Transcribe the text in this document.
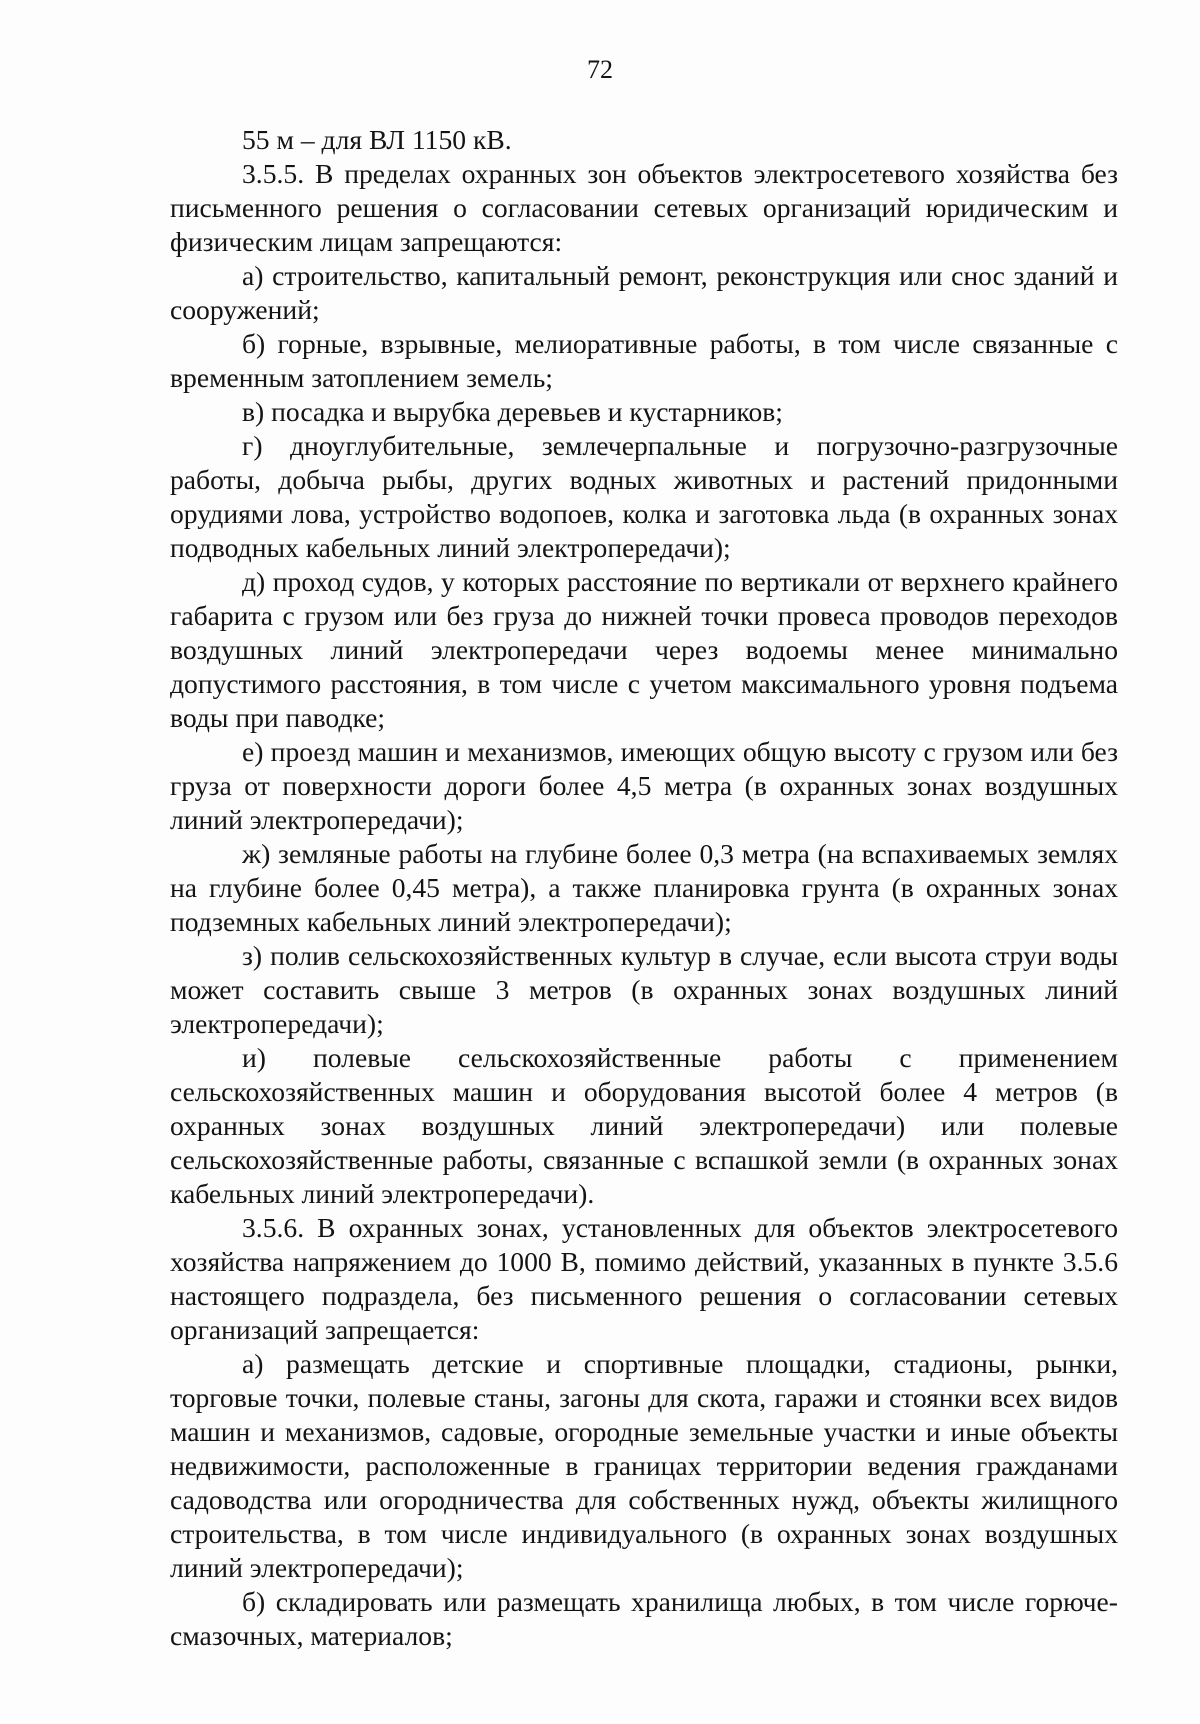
72

55 м – для ВЛ 1150 кВ.

3.5.5. В пределах охранных зон объектов электросетевого хозяйства без письменного решения о согласовании сетевых организаций юридическим и физическим лицам запрещаются:

а) строительство, капитальный ремонт, реконструкция или снос зданий и сооружений;

б) горные, взрывные, мелиоративные работы, в том числе связанные с временным затоплением земель;

в) посадка и вырубка деревьев и кустарников;

г) дноуглубительные, землечерпальные и погрузочно-разгрузочные работы, добыча рыбы, других водных животных и растений придонными орудиями лова, устройство водопоев, колка и заготовка льда (в охранных зонах подводных кабельных линий электропередачи);

д) проход судов, у которых расстояние по вертикали от верхнего крайнего габарита с грузом или без груза до нижней точки провеса проводов переходов воздушных линий электропередачи через водоемы менее минимально допустимого расстояния, в том числе с учетом максимального уровня подъема воды при паводке;

е) проезд машин и механизмов, имеющих общую высоту с грузом или без груза от поверхности дороги более 4,5 метра (в охранных зонах воздушных линий электропередачи);

ж) земляные работы на глубине более 0,3 метра (на вспахиваемых землях на глубине более 0,45 метра), а также планировка грунта (в охранных зонах подземных кабельных линий электропередачи);

з) полив сельскохозяйственных культур в случае, если высота струи воды может составить свыше 3 метров (в охранных зонах воздушных линий электропередачи);

и) полевые сельскохозяйственные работы с применением сельскохозяйственных машин и оборудования высотой более 4 метров (в охранных зонах воздушных линий электропередачи) или полевые сельскохозяйственные работы, связанные с вспашкой земли (в охранных зонах кабельных линий электропередачи).

3.5.6. В охранных зонах, установленных для объектов электросетевого хозяйства напряжением до 1000 В, помимо действий, указанных в пункте 3.5.6 настоящего подраздела, без письменного решения о согласовании сетевых организаций запрещается:

а) размещать детские и спортивные площадки, стадионы, рынки, торговые точки, полевые станы, загоны для скота, гаражи и стоянки всех видов машин и механизмов, садовые, огородные земельные участки и иные объекты недвижимости, расположенные в границах территории ведения гражданами садоводства или огородничества для собственных нужд, объекты жилищного строительства, в том числе индивидуального (в охранных зонах воздушных линий электропередачи);

б) складировать или размещать хранилища любых, в том числе горюче-смазочных, материалов;
